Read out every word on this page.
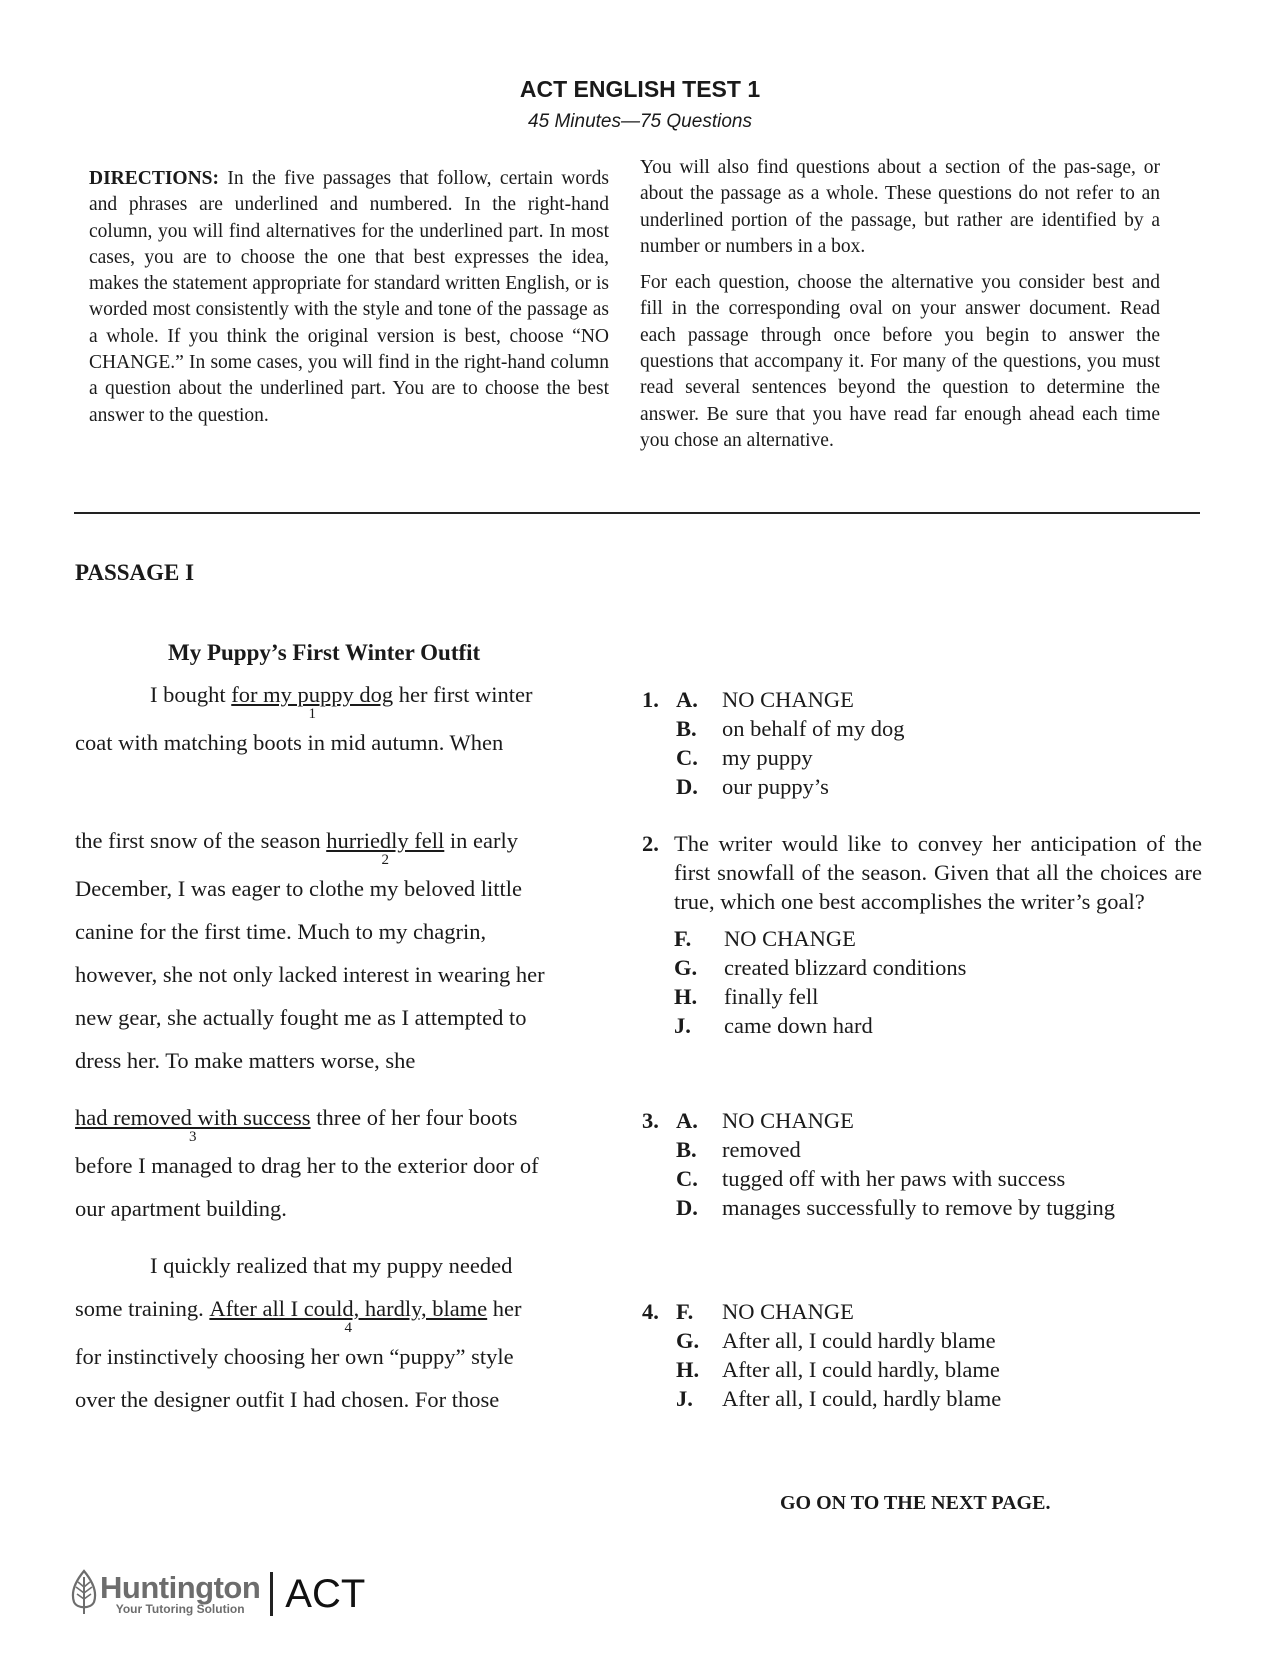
ACT ENGLISH TEST 1
45 Minutes—75 Questions

DIRECTIONS: In the five passages that follow, certain words and phrases are underlined and numbered. In the right-hand column, you will find alternatives for the underlined part. In most cases, you are to choose the one that best expresses the idea, makes the statement appropriate for standard written English, or is worded most consistently with the style and tone of the passage as a whole. If you think the original version is best, choose “NO CHANGE.” In some cases, you will find in the right-hand column a question about the underlined part. You are to choose the best answer to the question.

You will also find questions about a section of the pas-sage, or about the passage as a whole. These questions do not refer to an underlined portion of the passage, but rather are identified by a number or numbers in a box.

For each question, choose the alternative you consider best and fill in the corresponding oval on your answer document. Read each passage through once before you begin to answer the questions that accompany it. For many of the questions, you must read several sentences beyond the question to determine the answer. Be sure that you have read far enough ahead each time you chose an alternative.

PASSAGE I
My Puppy’s First Winter Outfit
I bought for my puppy dog
1
her first winter
coat with matching boots in mid autumn. When
the first snow of the season hurriedly fell
2
in early
December, I was eager to clothe my beloved little
canine for the first time. Much to my chagrin,
however, she not only lacked interest in wearing her
new gear, she actually fought me as I attempted to
dress her. To make matters worse, she
had removed with success
3
three of her four boots
before I managed to drag her to the exterior door of
our apartment building.
I quickly realized that my puppy needed
some training. After all I could, hardly, blame
4
her
for instinctively choosing her own “puppy” style
over the designer outfit I had chosen. For those
1. A. NO CHANGE
B. on behalf of my dog
C. my puppy
D. our puppy’s
2. The writer would like to convey her anticipation of the first snowfall of the season. Given that all the choices are true, which one best accomplishes the writer’s goal?
F. NO CHANGE
G. created blizzard conditions
H. finally fell
J. came down hard
3. A. NO CHANGE
B. removed
C. tugged off with her paws with success
D. manages successfully to remove by tugging
4. F. NO CHANGE
G. After all, I could hardly blame
H. After all, I could hardly, blame
J. After all, I could, hardly blame
GO ON TO THE NEXT PAGE.
Huntington
Your Tutoring Solution	ACT
